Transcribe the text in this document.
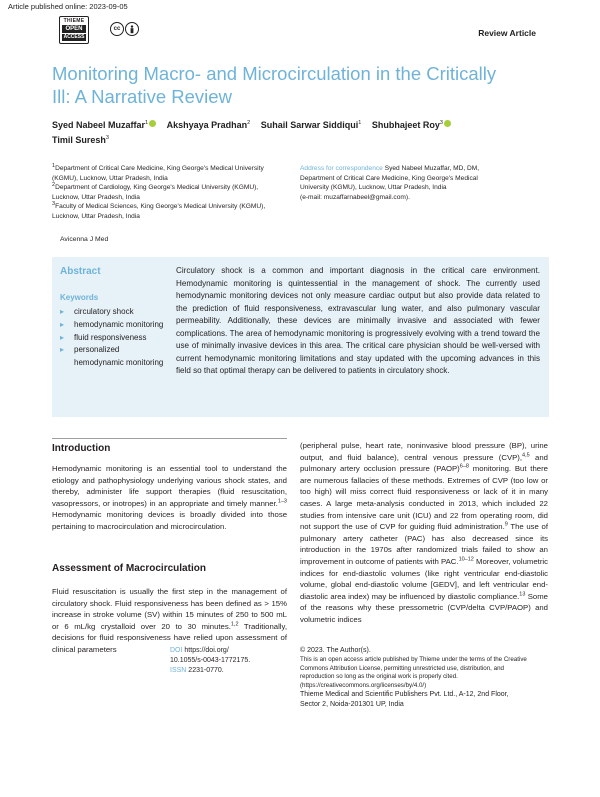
Article published online: 2023-09-05
THIEME
OPEN
ACCESS
cc	Review Article
Monitoring Macro- and Microcirculation in the Critically Ill: A Narrative Review
Syed Nabeel Muzaffar$^1$ Akshyaya Pradhan$^2$ Suhail Sarwar Siddiqui$^1$ Shubhajeet Roy$^3$
Timil Suresh$^3$
$^1$Department of Critical Care Medicine, King George's Medical University (KGMU), Lucknow, Uttar Pradesh, India
$^2$Department of Cardiology, King George's Medical University (KGMU), Lucknow, Uttar Pradesh, India
$^3$Faculty of Medical Sciences, King George's Medical University (KGMU), Lucknow, Uttar Pradesh, India
Address for correspondence Syed Nabeel Muzaffar, MD, DM,
Department of Critical Care Medicine, King George's Medical
University (KGMU), Lucknow, Uttar Pradesh, India
(e-mail: muzaffarnabeel@gmail.com).
Avicenna J Med
Abstract
Keywords
▸ circulatory shock
▸ hemodynamic monitoring
▸ fluid responsiveness
▸ personalized hemodynamic monitoring
Circulatory shock is a common and important diagnosis in the critical care environment. Hemodynamic monitoring is quintessential in the management of shock. The currently used hemodynamic monitoring devices not only measure cardiac output but also provide data related to the prediction of fluid responsiveness, extravascular lung water, and also pulmonary vascular permeability. Additionally, these devices are minimally invasive and associated with fewer complications. The area of hemodynamic monitoring is progressively evolving with a trend toward the use of minimally invasive devices in this area. The critical care physician should be well-versed with current hemodynamic monitoring limitations and stay updated with the upcoming advances in this field so that optimal therapy can be delivered to patients in circulatory shock.
Introduction

Hemodynamic monitoring is an essential tool to understand the etiology and pathophysiology underlying various shock states, and thereby, administer life support therapies (fluid resuscitation, vasopressors, or inotropes) in an appropriate and timely manner.$^{1-3}$ Hemodynamic monitoring devices is broadly divided into those pertaining to macrocirculation and microcirculation.

Assessment of Macrocirculation

Fluid resuscitation is usually the first step in the management of circulatory shock. Fluid responsiveness has been defined as > 15% increase in stroke volume (SV) within 15 minutes of 250 to 500 mL or 6 mL/kg crystalloid over 20 to 30 minutes.$^{1,2}$ Traditionally, decisions for fluid responsiveness have relied upon assessment of clinical parameters

(peripheral pulse, heart rate, noninvasive blood pressure (BP), urine output, and fluid balance), central venous pressure (CVP),$^{4,5}$ and pulmonary artery occlusion pressure (PAOP)$^{6-8}$ monitoring. But there are numerous fallacies of these methods. Extremes of CVP (too low or too high) will miss correct fluid responsiveness or lack of it in many cases. A large meta-analysis conducted in 2013, which included 22 studies from intensive care unit (ICU) and 22 from operating room, did not support the use of CVP for guiding fluid administration.$^9$ The use of pulmonary artery catheter (PAC) has also decreased since its introduction in the 1970s after randomized trials failed to show an improvement in outcome of patients with PAC.$^{10-12}$ Moreover, volumetric indices for end-diastolic volumes (like right ventricular end-diastolic volume, global end-diastolic volume [GEDV], and left ventricular end-diastolic area index) may be influenced by diastolic compliance.$^{13}$ Some of the reasons why these pressometric (CVP/delta CVP/PAOP) and volumetric indices

DOI https://doi.org/
10.1055/s-0043-1772175.
ISSN 2231-0770.
© 2023. The Author(s).
This is an open access article published by Thieme under the terms of the Creative Commons Attribution License, permitting unrestricted use, distribution, and reproduction so long as the original work is properly cited. (https://creativecommons.org/licenses/by/4.0/)
Thieme Medical and Scientific Publishers Pvt. Ltd., A-12, 2nd Floor, Sector 2, Noida-201301 UP, India
